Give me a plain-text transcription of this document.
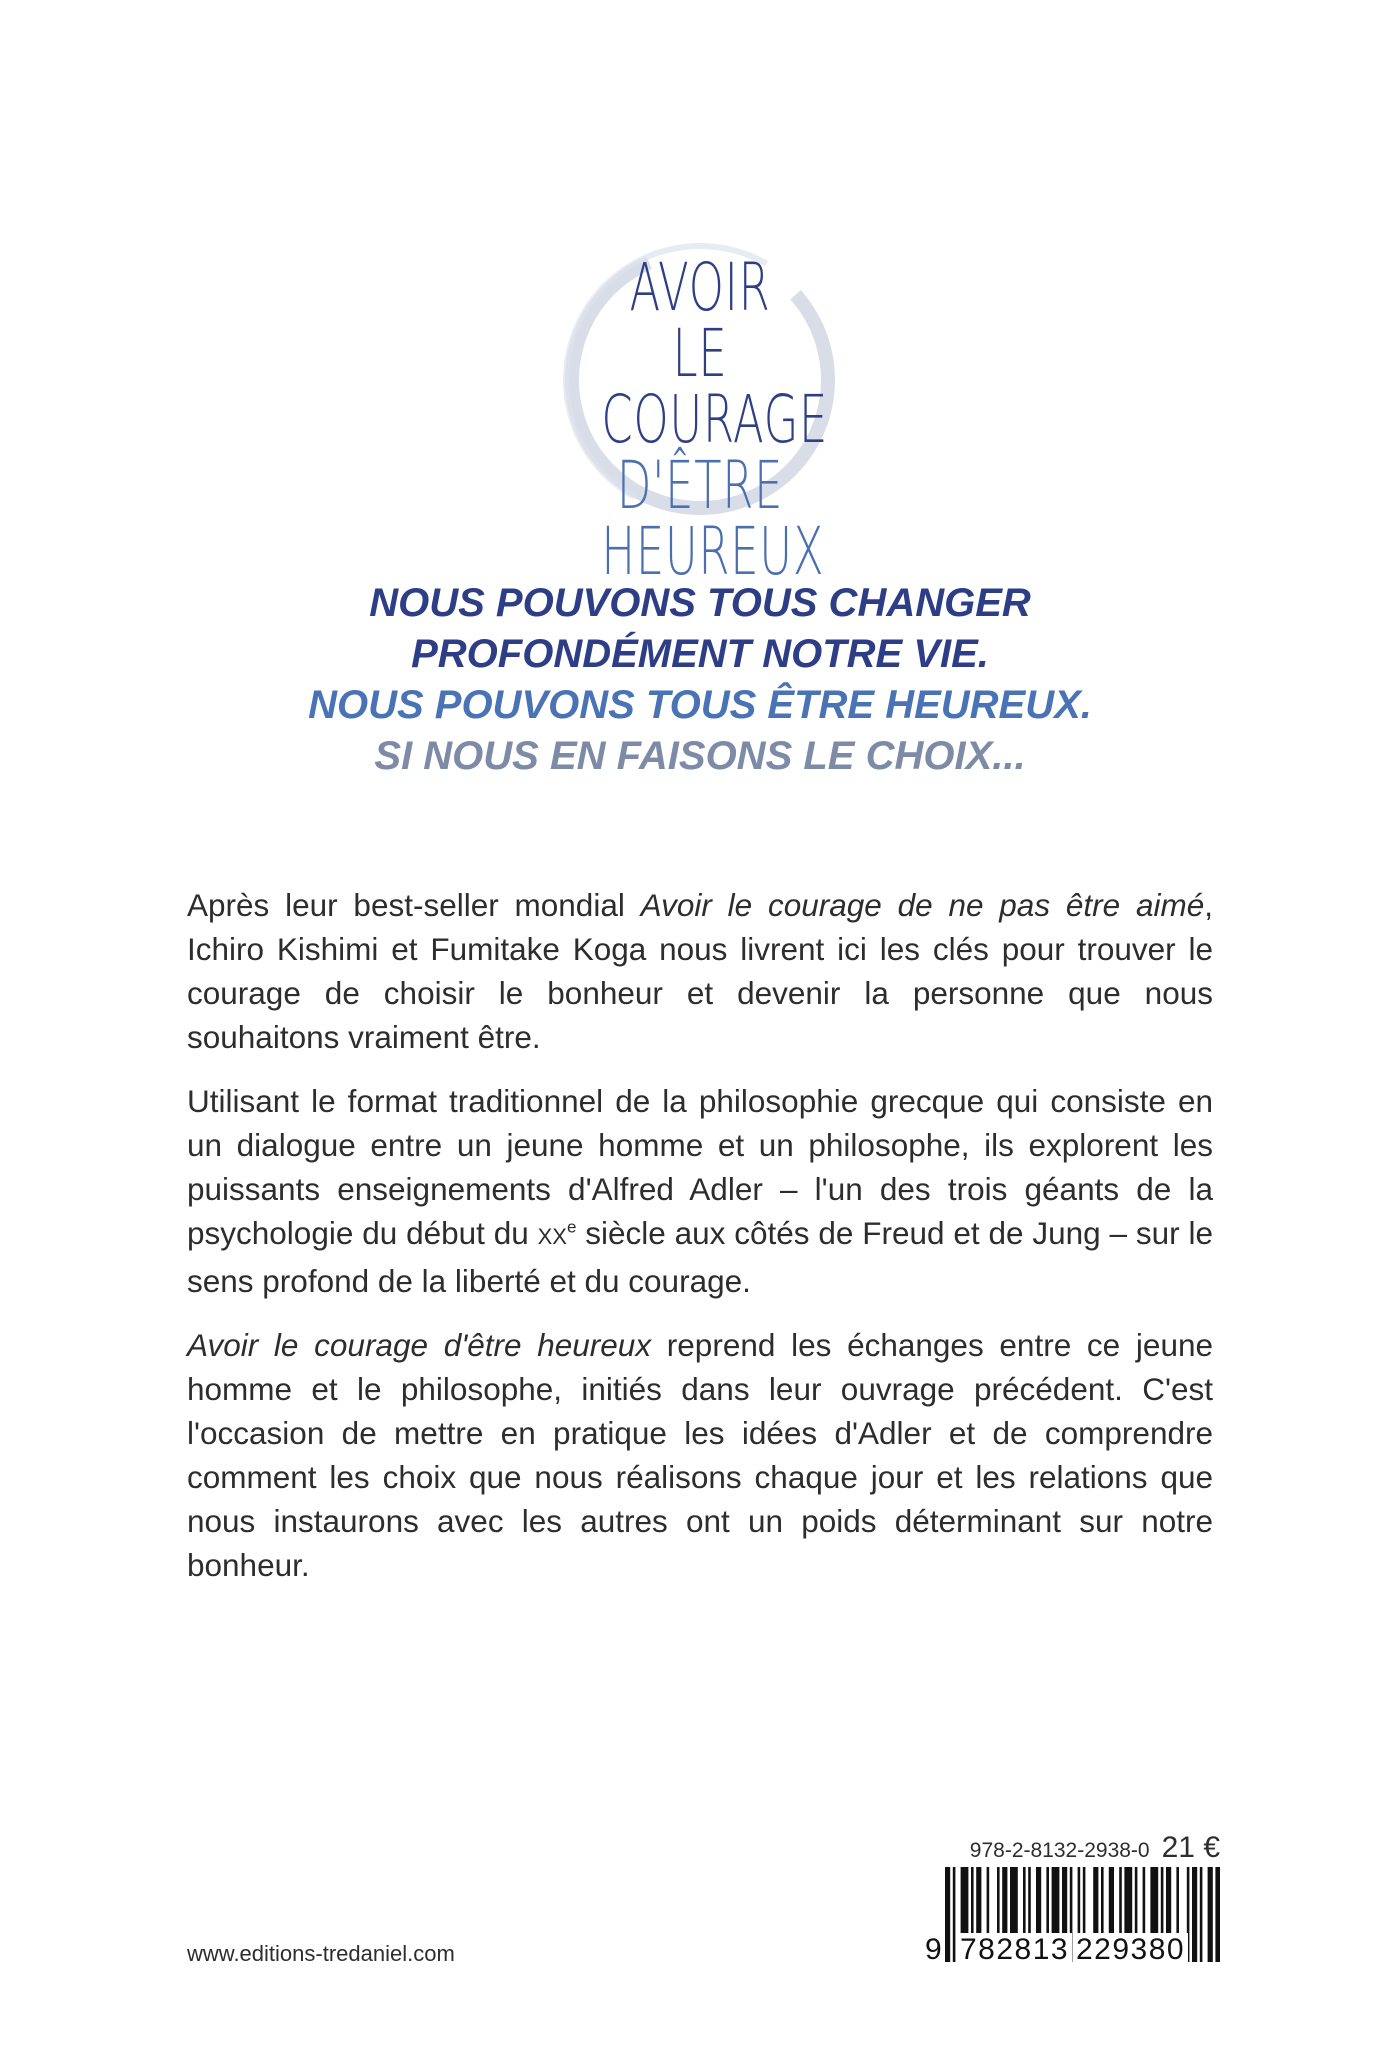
AVOIR LE
COURAGE
D'ÊTRE
HEUREUX
NOUS POUVONS TOUS CHANGER
PROFONDÉMENT NOTRE VIE.
NOUS POUVONS TOUS ÊTRE HEUREUX.
SI NOUS EN FAISONS LE CHOIX...

Après leur best-seller mondial Avoir le courage de ne pas être aimé, Ichiro Kishimi et Fumitake Koga nous livrent ici les clés pour trouver le courage de choisir le bonheur et devenir la personne que nous souhaitons vraiment être.

Utilisant le format traditionnel de la philosophie grecque qui consiste en un dialogue entre un jeune homme et un philosophe, ils explorent les puissants enseignements d'Alfred Adler – l'un des trois géants de la psychologie du début du XXe siècle aux côtés de Freud et de Jung – sur le sens profond de la liberté et du courage.

Avoir le courage d'être heureux reprend les échanges entre ce jeune homme et le philosophe, initiés dans leur ouvrage précédent. C'est l'occasion de mettre en pratique les idées d'Adler et de comprendre comment les choix que nous réalisons chaque jour et les relations que nous instaurons avec les autres ont un poids déterminant sur notre bonheur.

www.editions-tredaniel.com
978-2-8132-2938-0 21 €
9 782813 229380
